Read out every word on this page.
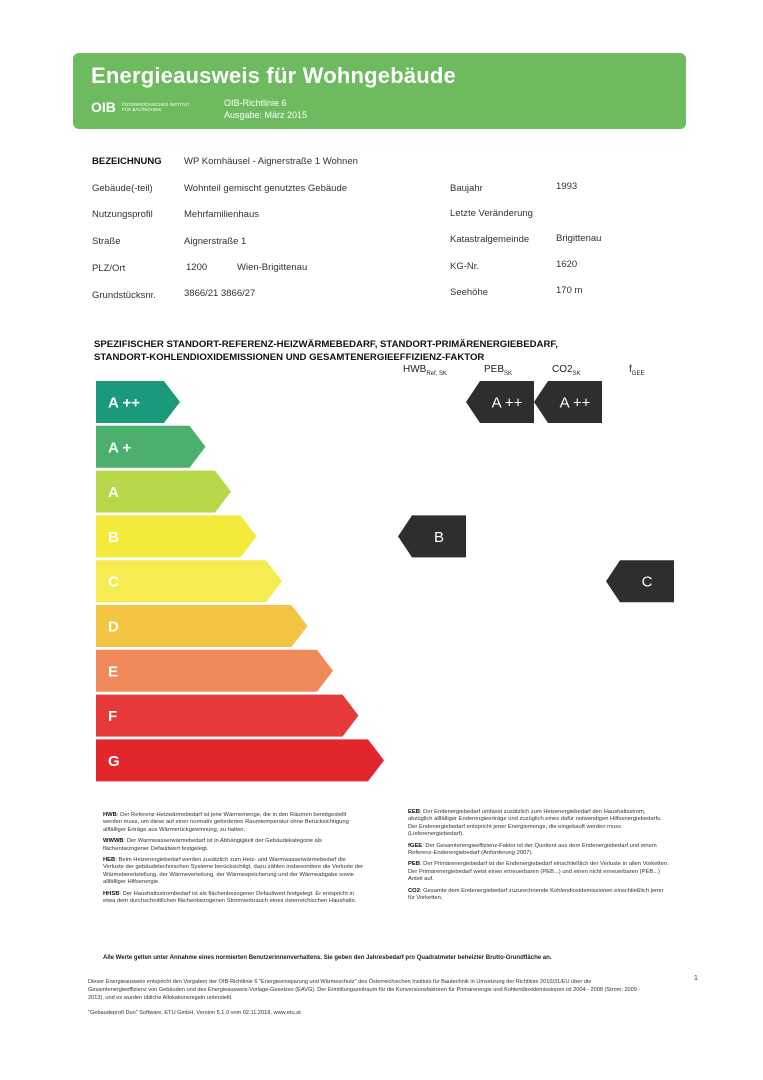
Energieausweis für Wohngebäude
OIB ÖSTERREICHISCHES INSTITUT FÜR BAUTECHNIK
OIB-Richtlinie 6
Ausgabe: März 2015
BEZEICHNUNG WP Kornhäusel - Aignerstraße 1 Wohnen
Gebäude(-teil)	Wohnteil gemischt genutztes Gebäude	Baujahr	1993
Nutzungsprofil	Mehrfamilienhaus	Letzte Veränderung
Straße	Aignerstraße 1	Katastralgemeinde	Brigittenau
PLZ/Ort	1200	Wien-Brigittenau	KG-Nr.	1620
Grundstücksnr.	3866/21 3866/27	Seehöhe	170 m
SPEZIFISCHER STANDORT-REFERENZ-HEIZWÄRMEBEDARF, STANDORT-PRIMÄRENERGIEBEDARF,
STANDORT-KOHLENDIOXIDEMISSIONEN UND GESAMTENERGIEEFFIZIENZ-FAKTOR
$HWB_{Ref, SK}$	$PEB_{SK}$	$CO2_{SK}$	$f_{GEE}$
A ++
A +
A
B
C
D
E
F
G
B
A ++ A ++
C

HWB: Der Referenz-Heizwärmebedarf ist jene Wärmemenge, die in den Räumen bereitgestellt werden muss, um diese auf einer normativ geforderten Raumtemperatur ohne Berücksichtigung allfälliger Erträge aus Wärmerückgewinnung, zu halten.

WWWB: Der Warmwasserwärmebedarf ist in Abhängigkeit der Gebäudekategorie als flächenbezogener Defaultwert festgelegt.

HEB: Beim Heizenergiebedarf werden zusätzlich zum Heiz- und Warmwasserwärmebedarf die Verluste der gebäudetechnischen Systeme berücksichtigt, dazu zählen insbesondere die Verluste der Wärmebereitstellung, der Wärmeverteilung, der Wärmespeicherung und der Wärmeabgabe sowie allfälliger Hilfsenergie.

HHSB: Der Haushaltsstrombedarf ist als flächenbezogener Defaultwert festgelegt. Er entspricht in etwa dem durchschnittlichen flächenbezogenen Stromverbrauch eines österreichischen Haushalts.

EEB: Der Endenergiebedarf umfasst zusätzlich zum Heizenergiebedarf den Haushaltsstrom, abzüglich allfälliger Endenergieerträge und zuzüglich eines dafür notwendigen Hilfsenergiebedarfs. Der Endenergiebedarf entspricht jener Energiemenge, die eingekauft werden muss (Lieferenergiebedarf).

fGEE: Der Gesamtenergieeffizienz-Faktor ist der Quotient aus dem Endenergiebedarf und einem Referenz-Endenergiebedarf (Anforderung 2007).

PEB: Der Primärenergiebedarf ist der Endenergiebedarf einschließlich der Verluste in allen Vorketten. Der Primärenergiebedarf weist einen erneuerbaren (PEB...) und einen nicht erneuerbaren (PEB...) Anteil auf.

CO2: Gesamte dem Endenergiebedarf zuzurechnende Kohlendioxidemissionen einschließlich jener für Vorketten.

Alle Werte gelten unter Annahme eines normierten Benutzerinnenverhaltens. Sie geben den Jahresbedarf pro Quadratmeter beheizter Brutto-Grundfläche an.
Dieser Energieausweis entspricht den Vorgaben der OIB-Richtlinie 6 "Energieeinsparung und Wärmeschutz" des Österreichischen Instituts für Bautechnik in Umsetzung der Richtlinie 2010/31/EU über die Gesamtenergieeffizienz von Gebäuden und des Energieausweis-Vorlage-Gesetzes (EAVG). Der Ermittlungszeitraum für die Konversionsfaktoren für Primärenergie und Kohlendioxidemissionen ist 2004 - 2008 (Strom: 2009 - 2013), und es wurden übliche Allokationsregeln unterstellt.
"Gebaudeprofi Duo" Software, ETU GmbH, Version 5.1.0 vom 02.11.2018, www.etu.at
1
